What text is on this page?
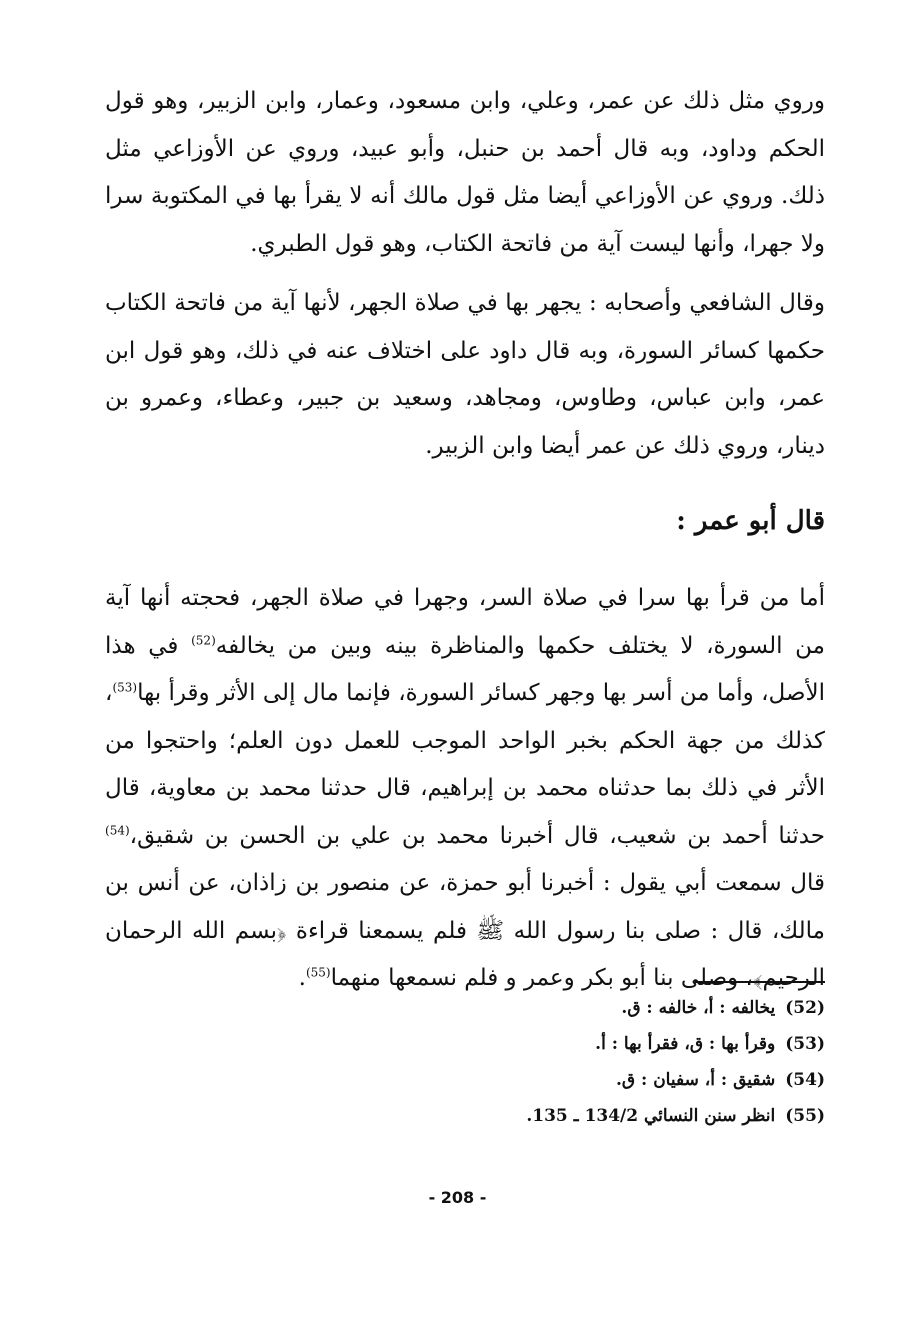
وروي مثل ذلك عن عمر، وعلي، وابن مسعود، وعمار، وابن الزبير، وهو قول الحكم وداود، وبه قال أحمد بن حنبل، وأبو عبيد، وروي عن الأوزاعي مثل ذلك. وروي عن الأوزاعي أيضا مثل قول مالك أنه لا يقرأ بها في المكتوبة سرا ولا جهرا، وأنها ليست آية من فاتحة الكتاب، وهو قول الطبري.

وقال الشافعي وأصحابه : يجهر بها في صلاة الجهر، لأنها آية من فاتحة الكتاب حكمها كسائر السورة، وبه قال داود على اختلاف عنه في ذلك، وهو قول ابن عمر، وابن عباس، وطاوس، ومجاهد، وسعيد بن جبير، وعطاء، وعمرو بن دينار، وروي ذلك عن عمر أيضا وابن الزبير.

قال أبو عمر :

أما من قرأ بها سرا في صلاة السر، وجهرا في صلاة الجهر، فحجته أنها آية من السورة، لا يختلف حكمها والمناظرة بينه وبين من يخالفه$^{(52)}$ في هذا الأصل، وأما من أسر بها وجهر كسائر السورة، فإنما مال إلى الأثر وقرأ بها$^{(53)}$، كذلك من جهة الحكم بخبر الواحد الموجب للعمل دون العلم؛ واحتجوا من الأثر في ذلك بما حدثناه محمد بن إبراهيم، قال حدثنا محمد بن معاوية، قال حدثنا أحمد بن شعيب، قال أخبرنا محمد بن علي بن الحسن بن شقيق،$^{(54)}$ قال سمعت أبي يقول : أخبرنا أبو حمزة، عن منصور بن زاذان، عن أنس بن مالك، قال : صلى بنا رسول الله ﷺ فلم يسمعنا قراءة ﴿بسم الله الرحمان الرحيم﴾، وصلى بنا أبو بكر وعمر و فلم نسمعها منهما$^{(55)}$.

(52)يخالفه : أ، خالفه : ق.

(53)وقرأ بها : ق، فقرأ بها : أ.

(54)شقيق : أ، سفيان : ق.

(55)انظر سنن النسائي 134/2 ـ 135.

- 208 -
